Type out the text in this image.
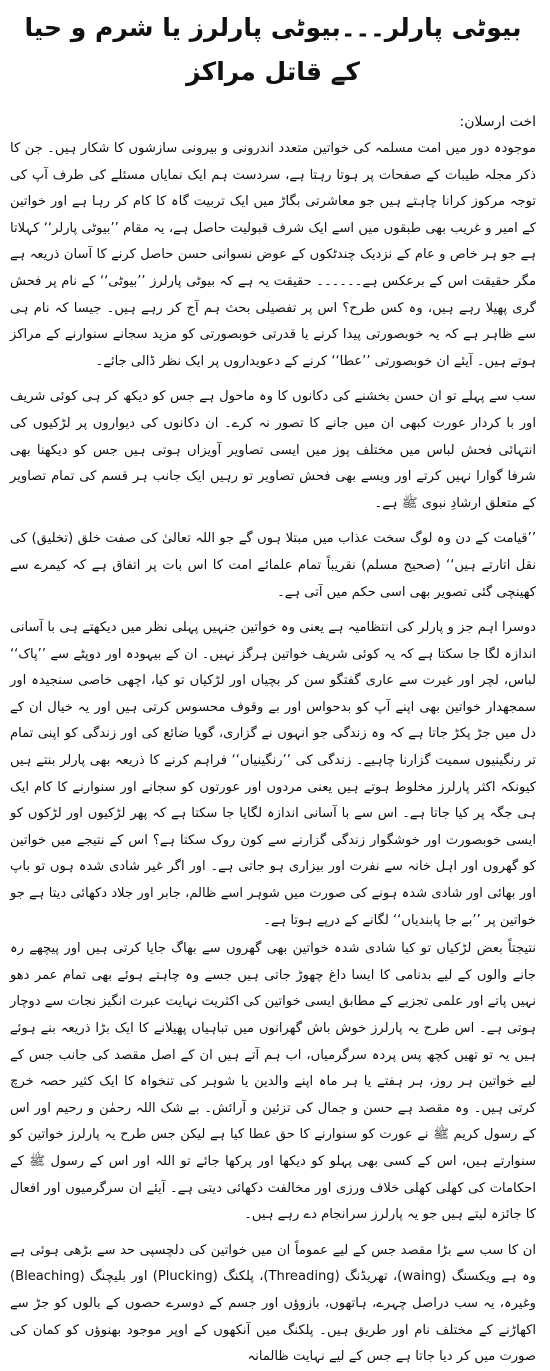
بیوٹی پارلر۔۔۔بیوٹی پارلرز یا شرم و حیا کے قاتل مراکز
اخت ارسلان:

موجودہ دور میں امت مسلمہ کی خواتین متعدد اندرونی و بیرونی سازشوں کا شکار ہیں۔ جن کا ذکر مجلہ طیبات کے صفحات پر ہوتا رہتا ہے، سردست ہم ایک نمایاں مسئلے کی طرف آپ کی توجہ مرکوز کرانا چاہتے ہیں جو معاشرتی بگاڑ میں ایک تربیت گاہ کا کام کر رہا ہے اور خواتین کے امیر و غریب بھی طبقوں میں اسے ایک شرف قبولیت حاصل ہے، یہ مقام ’’بیوٹی پارلر‘‘ کہلاتا ہے جو ہر خاص و عام کے نزدیک چندٹکوں کے عوض نسوانی حسن حاصل کرنے کا آسان ذریعہ ہے مگر حقیقت اس کے برعکس ہے۔۔۔۔۔۔ حقیقت یہ ہے کہ بیوٹی پارلرز ’’بیوٹی‘‘ کے نام پر فحش گری پھیلا رہے ہیں، وہ کس طرح؟ اس پر تفصیلی بحث ہم آج کر رہے ہیں۔ جیسا کہ نام ہی سے ظاہر ہے کہ یہ خوبصورتی پیدا کرنے یا قدرتی خوبصورتی کو مزید سجانے سنوارنے کے مراکز ہوتے ہیں۔ آیئے ان خوبصورتی ’’عطا‘‘ کرنے کے دعویداروں پر ایک نظر ڈالی جائے۔

سب سے پہلے تو ان حسن بخشنے کی دکانوں کا وہ ماحول ہے جس کو دیکھ کر ہی کوئی شریف اور با کردار عورت کبھی ان میں جانے کا تصور نہ کرے۔ ان دکانوں کی دیواروں پر لڑکیوں کی انتہائی فحش لباس میں مختلف پوز میں ایسی تصاویر آویزاں ہوتی ہیں جس کو دیکھنا بھی شرفا گوارا نہیں کرتے اور ویسے بھی فحش تصاویر تو رہیں ایک جانب ہر قسم کی تمام تصاویر کے متعلق ارشادِ نبوی ﷺ ہے۔

’’قیامت کے دن وہ لوگ سخت عذاب میں مبتلا ہوں گے جو اللہ تعالیٰ کی صفت خلق (تخلیق) کی نقل اتارتے ہیں‘‘ (صحیح مسلم) نقریباً تمام علمائے امت کا اس بات پر اتفاق ہے کہ کیمرے سے کھینچی گئی تصویر بھی اسی حکم میں آتی ہے۔

دوسرا اہم جز و پارلر کی انتظامیہ ہے یعنی وہ خواتین جنہیں پہلی نظر میں دیکھتے ہی با آسانی اندازہ لگا جا سکتا ہے کہ یہ کوئی شریف خواتین ہرگز نہیں۔ ان کے بیہودہ اور دوپٹے سے ’’پاک‘‘ لباس، لچر اور غیرت سے عاری گفتگو سن کر بچیاں اور لڑکیاں تو کیا، اچھی خاصی سنجیدہ اور سمجھدار خواتین بھی اپنے آپ کو بدحواس اور بے وقوف محسوس کرتی ہیں اور یہ خیال ان کے دل میں جڑ پکڑ جاتا ہے کہ وہ زندگی جو انہوں نے گزاری، گویا ضائع کی اور زندگی کو اپنی تمام تر رنگینیوں سمیت گزارنا چاہیے۔ زندگی کی ’’رنگینیاں‘‘ فراہم کرنے کا ذریعہ بھی پارلر بنتے ہیں کیونکہ اکثر پارلرز مخلوط ہوتے ہیں یعنی مردوں اور عورتوں کو سجانے اور سنوارنے کا کام ایک ہی جگہ پر کیا جاتا ہے۔ اس سے با آسانی اندازہ لگایا جا سکتا ہے کہ پھر لڑکیوں اور لڑکوں کو ایسی خوبصورت اور خوشگوار زندگی گزارنے سے کون روک سکتا ہے؟ اس کے نتیجے میں خواتین کو گھروں اور اہل خانہ سے نفرت اور بیزاری ہو جاتی ہے۔ اور اگر غیر شادی شدہ ہوں تو باپ اور بھائی اور شادی شدہ ہونے کی صورت میں شوہر اسے ظالم، جابر اور جلاد دکھائی دیتا ہے جو خواتین پر ’’بے جا پابندیاں‘‘ لگانے کے درپے ہوتا ہے۔

نتیجتاً بعض لڑکیاں تو کیا شادی شدہ خواتین بھی گھروں سے بھاگ جایا کرتی ہیں اور پیچھے رہ جانے والوں کے لیے بدنامی کا ایسا داغ چھوڑ جاتی ہیں جسے وہ چاہتے ہوئے بھی تمام عمر دھو نہیں پاتے اور علمی تجزیے کے مطابق ایسی خواتین کی اکثریت نہایت عبرت انگیز نجات سے دوچار ہوتی ہے۔ اس طرح یہ پارلرز خوش باش گھرانوں میں تباہیاں پھیلانے کا ایک بڑا ذریعہ بنے ہوئے ہیں یہ تو تھیں کچھ پس پردہ سرگرمیاں، اب ہم آتے ہیں ان کے اصل مقصد کی جانب جس کے لیے خواتین ہر روز، ہر ہفتے یا ہر ماہ اپنے والدین یا شوہر کی تنخواہ کا ایک کثیر حصہ خرچ کرتی ہیں۔ وہ مقصد ہے حسن و جمال کی تزئین و آرائش۔ بے شک اللہ رحمٰن و رحیم اور اس کے رسول کریم ﷺ نے عورت کو سنوارنے کا حق عطا کیا ہے لیکن جس طرح یہ پارلرز خواتین کو سنوارتے ہیں، اس کے کسی بھی پہلو کو دیکھا اور پرکھا جائے تو اللہ اور اس کے رسول ﷺ کے احکامات کی کھلی کھلی خلاف ورزی اور مخالفت دکھائی دیتی ہے۔ آیئے ان سرگرمیوں اور افعال کا جائزہ لیتے ہیں جو یہ پارلرز سرانجام دے رہے ہیں۔

ان کا سب سے بڑا مقصد جس کے لیے عموماً ان میں خواتین کی دلچسپی حد سے بڑھی ہوئی ہے وہ ہے ویکسنگ (waing)، تھریڈنگ (Threading)، پلکنگ (Plucking) اور بلیچنگ (Bleaching) وغیرہ، یہ سب دراصل چہرے، ہاتھوں، بازوؤں اور جسم کے دوسرے حصوں کے بالوں کو جڑ سے اکھاڑنے کے مختلف نام اور طریق ہیں۔ پلکنگ میں آنکھوں کے اوپر موجود بھنوؤں کو کمان کی صورت میں کر دیا جاتا ہے جس کے لیے نہایت ظالمانہ
